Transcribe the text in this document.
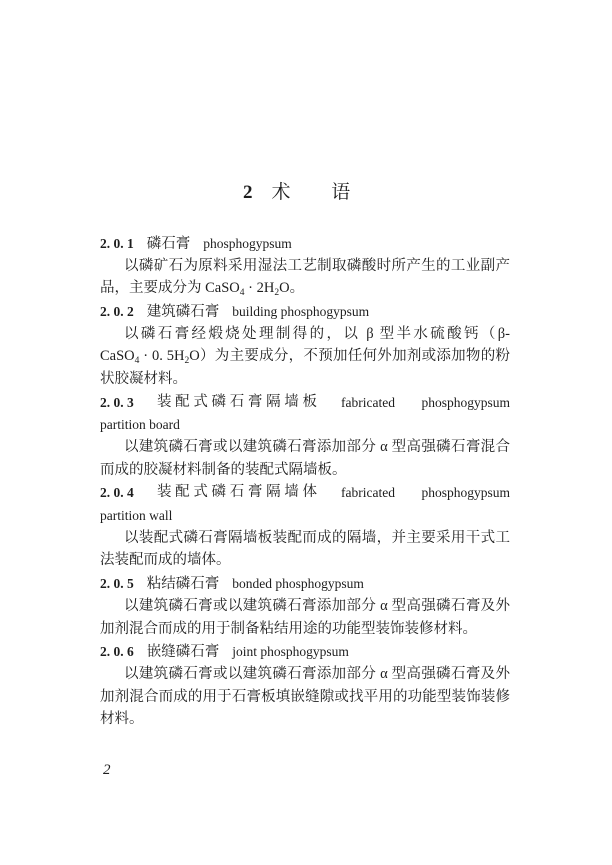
2 术 语
2. 0. 1 磷石膏 phosphogypsum
以磷矿石为原料采用湿法工艺制取磷酸时所产生的工业副产
品，主要成分为 CaSO$_4$ · $2H_2O$。
2. 0. 2 建筑磷石膏 building phosphogypsum
以磷石膏经煅烧处理制得的，以 β 型半水硫酸钙（β-
CaSO$_4$ · 0. $5H_2O$）为主要成分，不预加任何外加剂或添加物的粉
状胶凝材料。
2. 0. 3 装配式磷石膏隔墙板 fabricated phosphogypsum
partition board
以建筑磷石膏或以建筑磷石膏添加部分 α 型高强磷石膏混合
而成的胶凝材料制备的装配式隔墙板。
2. 0. 4 装配式磷石膏隔墙体 fabricated phosphogypsum
partition wall
以装配式磷石膏隔墙板装配而成的隔墙，并主要采用干式工
法装配而成的墙体。
2. 0. 5 粘结磷石膏 bonded phosphogypsum
以建筑磷石膏或以建筑磷石膏添加部分 α 型高强磷石膏及外
加剂混合而成的用于制备粘结用途的功能型装饰装修材料。
2. 0. 6 嵌缝磷石膏 joint phosphogypsum
以建筑磷石膏或以建筑磷石膏添加部分 α 型高强磷石膏及外
加剂混合而成的用于石膏板填嵌缝隙或找平用的功能型装饰装修
材料。
2
